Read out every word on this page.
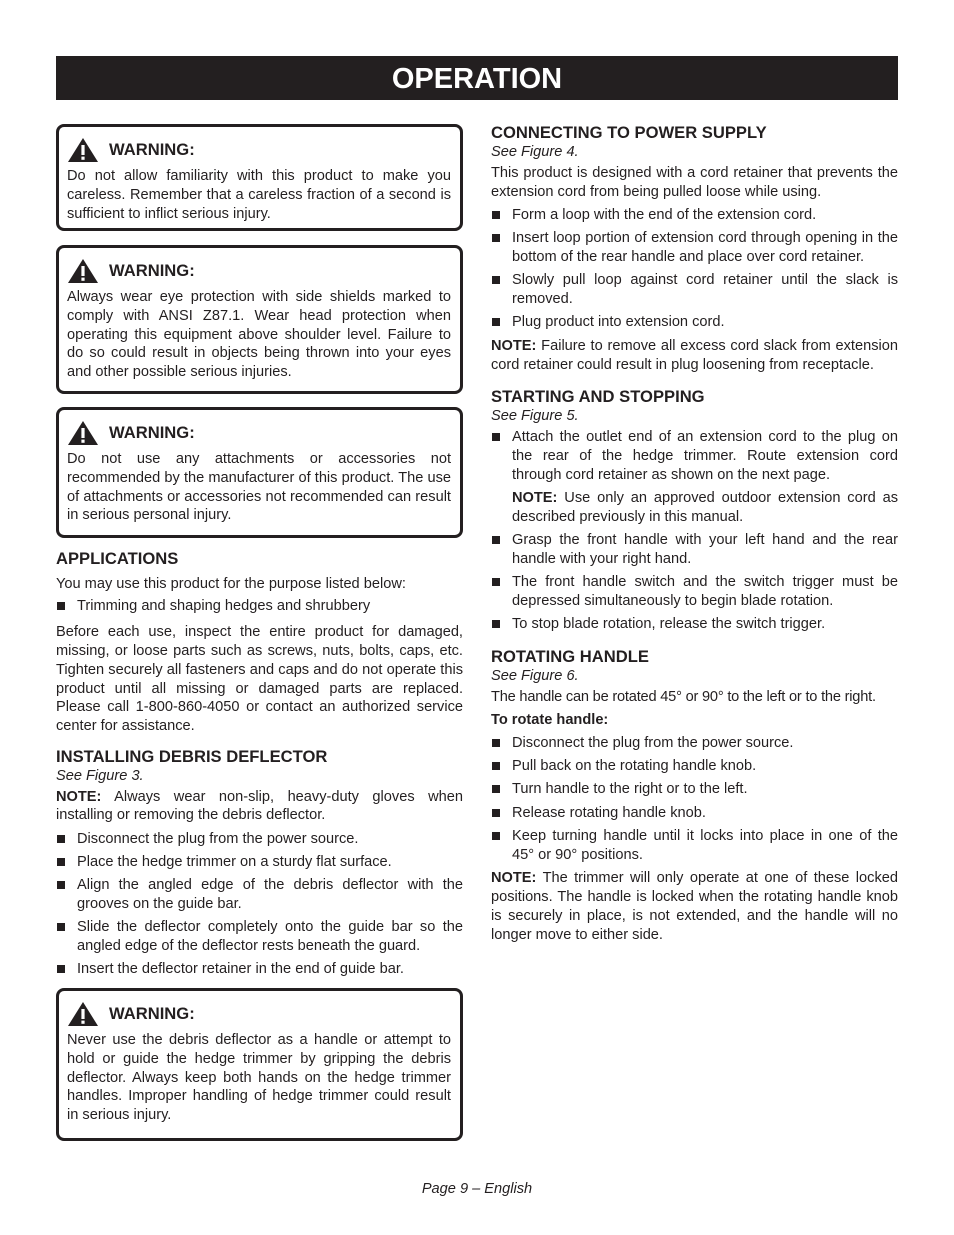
OPERATION
WARNING:

Do not allow familiarity with this product to make you careless. Remember that a careless fraction of a second is sufficient to inflict serious injury.

WARNING:

Always wear eye protection with side shields marked to comply with ANSI Z87.1. Wear head protection when operating this equipment above shoulder level. Failure to do so could result in objects being thrown into your eyes and other possible serious injuries.

WARNING:

Do not use any attachments or accessories not recommended by the manufacturer of this product. The use of attachments or accessories not recommended can result in serious personal injury.

APPLICATIONS

You may use this product for the purpose listed below:

Trimming and shaping hedges and shrubbery

Before each use, inspect the entire product for damaged, missing, or loose parts such as screws, nuts, bolts, caps, etc. Tighten securely all fasteners and caps and do not operate this product until all missing or damaged parts are replaced. Please call 1-800-860-4050 or contact an authorized service center for assistance.

INSTALLING DEBRIS DEFLECTOR
See Figure 3.

NOTE: Always wear non-slip, heavy-duty gloves when installing or removing the debris deflector.

Disconnect the plug from the power source.
Place the hedge trimmer on a sturdy flat surface.
Align the angled edge of the debris deflector with the grooves on the guide bar.
Slide the deflector completely onto the guide bar so the angled edge of the deflector rests beneath the guard.
Insert the deflector retainer in the end of guide bar.
WARNING:

Never use the debris deflector as a handle or attempt to hold or guide the hedge trimmer by gripping the debris deflector. Always keep both hands on the hedge trimmer handles. Improper handling of hedge trimmer could result in serious injury.

CONNECTING TO POWER SUPPLY
See Figure 4.

This product is designed with a cord retainer that prevents the extension cord from being pulled loose while using.

Form a loop with the end of the extension cord.
Insert loop portion of extension cord through opening in the bottom of the rear handle and place over cord retainer.
Slowly pull loop against cord retainer until the slack is removed.
Plug product into extension cord.

NOTE: Failure to remove all excess cord slack from extension cord retainer could result in plug loosening from receptacle.

STARTING AND STOPPING
See Figure 5.
Attach the outlet end of an extension cord to the plug on the rear of the hedge trimmer. Route extension cord through cord retainer as shown on the next page.

NOTE: Use only an approved outdoor extension cord as described previously in this manual.

Grasp the front handle with your left hand and the rear handle with your right hand.
The front handle switch and the switch trigger must be depressed simultaneously to begin blade rotation.
To stop blade rotation, release the switch trigger.
ROTATING HANDLE
See Figure 6.

The handle can be rotated 45° or 90° to the left or to the right.

To rotate handle:

Disconnect the plug from the power source.
Pull back on the rotating handle knob.
Turn handle to the right or to the left.
Release rotating handle knob.
Keep turning handle until it locks into place in one of the 45° or 90° positions.

NOTE: The trimmer will only operate at one of these locked positions. The handle is locked when the rotating handle knob is securely in place, is not extended, and the handle will no longer move to either side.

Page 9 – English
